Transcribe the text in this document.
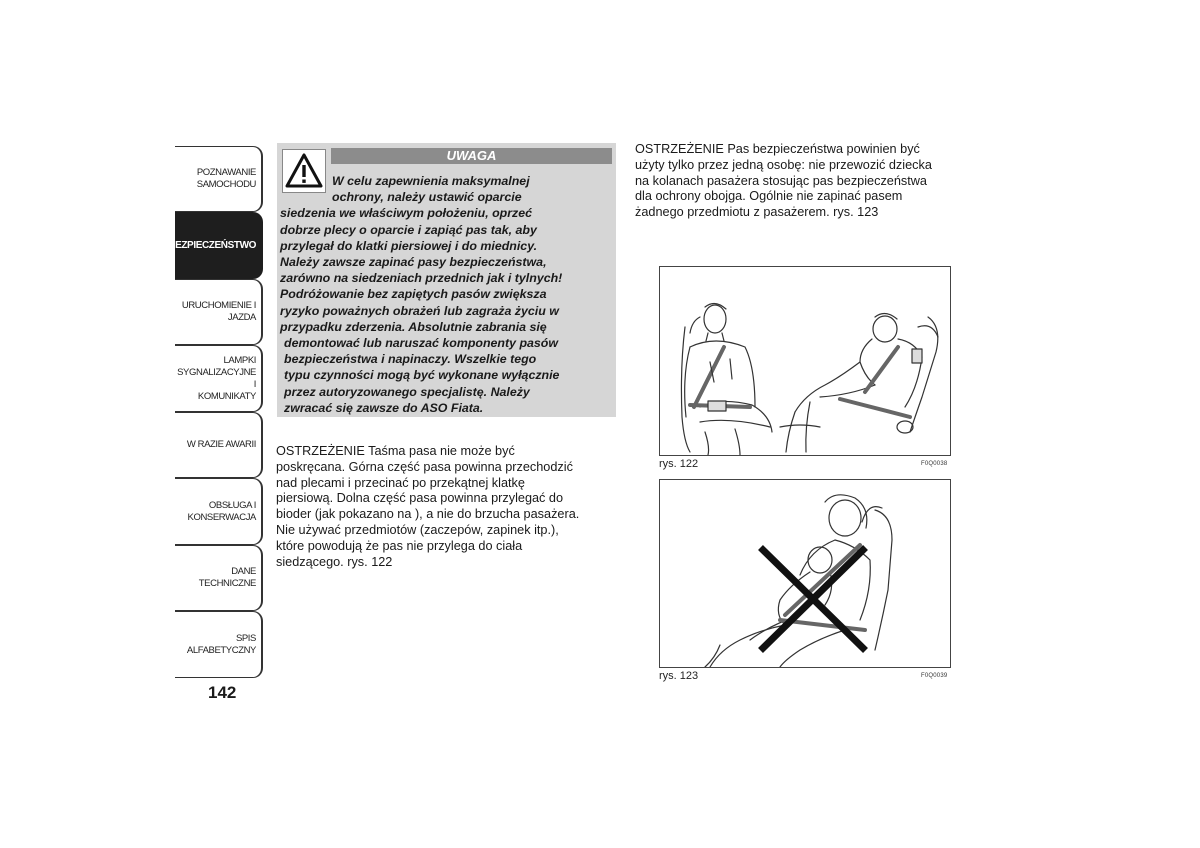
POZNAWANIE
SAMOCHODU
BEZPIECZEŃSTWO
URUCHOMIENIE I
JAZDA
LAMPKI
SYGNALIZACYJNE I
KOMUNIKATY
W RAZIE AWARII
OBSŁUGA I
KONSERWACJA
DANE TECHNICZNE
SPIS ALFABETYCZNY
142
UWAGA
W celu zapewnienia maksymalnej
ochrony, należy ustawić oparcie
siedzenia we właściwym położeniu, oprzeć
dobrze plecy o oparcie i zapiąć pas tak, aby
przylegał do klatki piersiowej i do miednicy.
Należy zawsze zapinać pasy bezpieczeństwa,
zarówno na siedzeniach przednich jak i tylnych!
Podróżowanie bez zapiętych pasów zwiększa
ryzyko poważnych obrażeń lub zagraża życiu w
przypadku zderzenia. Absolutnie zabrania się
demontować lub naruszać komponenty pasów
bezpieczeństwa i napinaczy. Wszelkie tego
typu czynności mogą być wykonane wyłącznie
przez autoryzowanego specjalistę. Należy
zwracać się zawsze do ASO Fiata.
OSTRZEŻENIE Taśma pasa nie może być
poskręcana. Górna część pasa powinna przechodzić
nad plecami i przecinać po przekątnej klatkę
piersiową. Dolna część pasa powinna przylegać do
bioder (jak pokazano na ), a nie do brzucha pasażera.
Nie używać przedmiotów (zaczepów, zapinek itp.),
które powodują że pas nie przylega do ciała
siedzącego. rys. 122
OSTRZEŻENIE Pas bezpieczeństwa powinien być
użyty tylko przez jedną osobę: nie przewozić dziecka
na kolanach pasażera stosując pas bezpieczeństwa
dla ochrony obojga. Ogólnie nie zapinać pasem
żadnego przedmiotu z pasażerem. rys. 123
rys. 122	F0Q0038
rys. 123	F0Q0039
